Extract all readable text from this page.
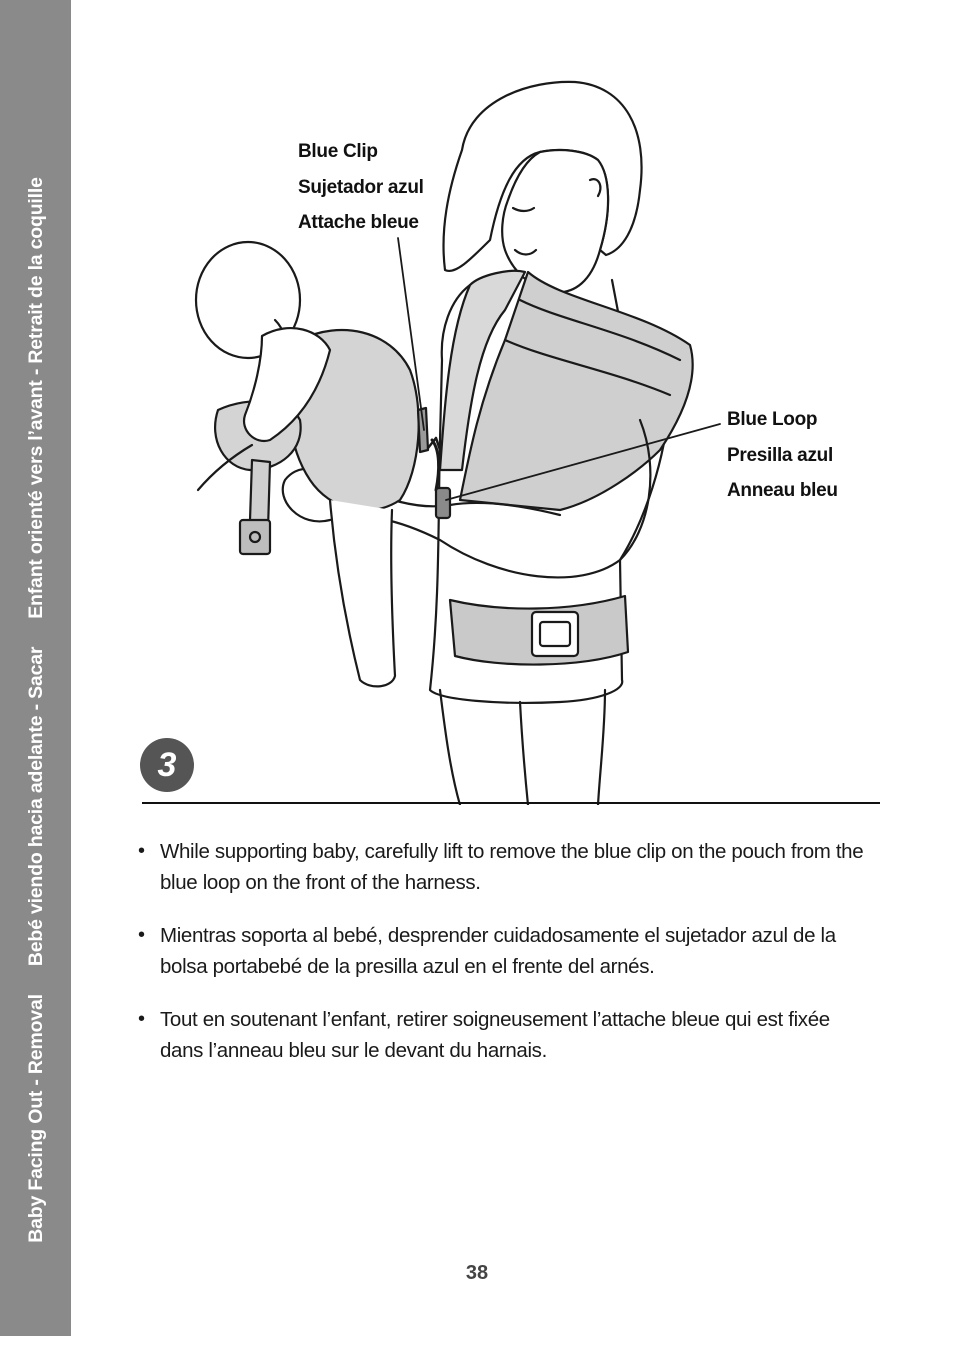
Baby Facing Out - Removal
Bebé viendo hacia adelante - Sacar
Enfant orienté vers l’avant - Retrait de la coquille
Blue Clip
Sujetador azul
Attache bleue
Blue Loop
Presilla azul
Anneau bleu
3
• While supporting baby, carefully lift to remove the blue clip on the pouch from the blue loop on the front of the harness.
• Mientras soporta al bebé, desprender cuidadosamente el sujetador azul de la bolsa portabebé de la presilla azul en el frente del arnés.
• Tout en soutenant l’enfant, retirer soigneusement l’attache bleue qui est fixée dans l’anneau bleu sur le devant du harnais.
38
